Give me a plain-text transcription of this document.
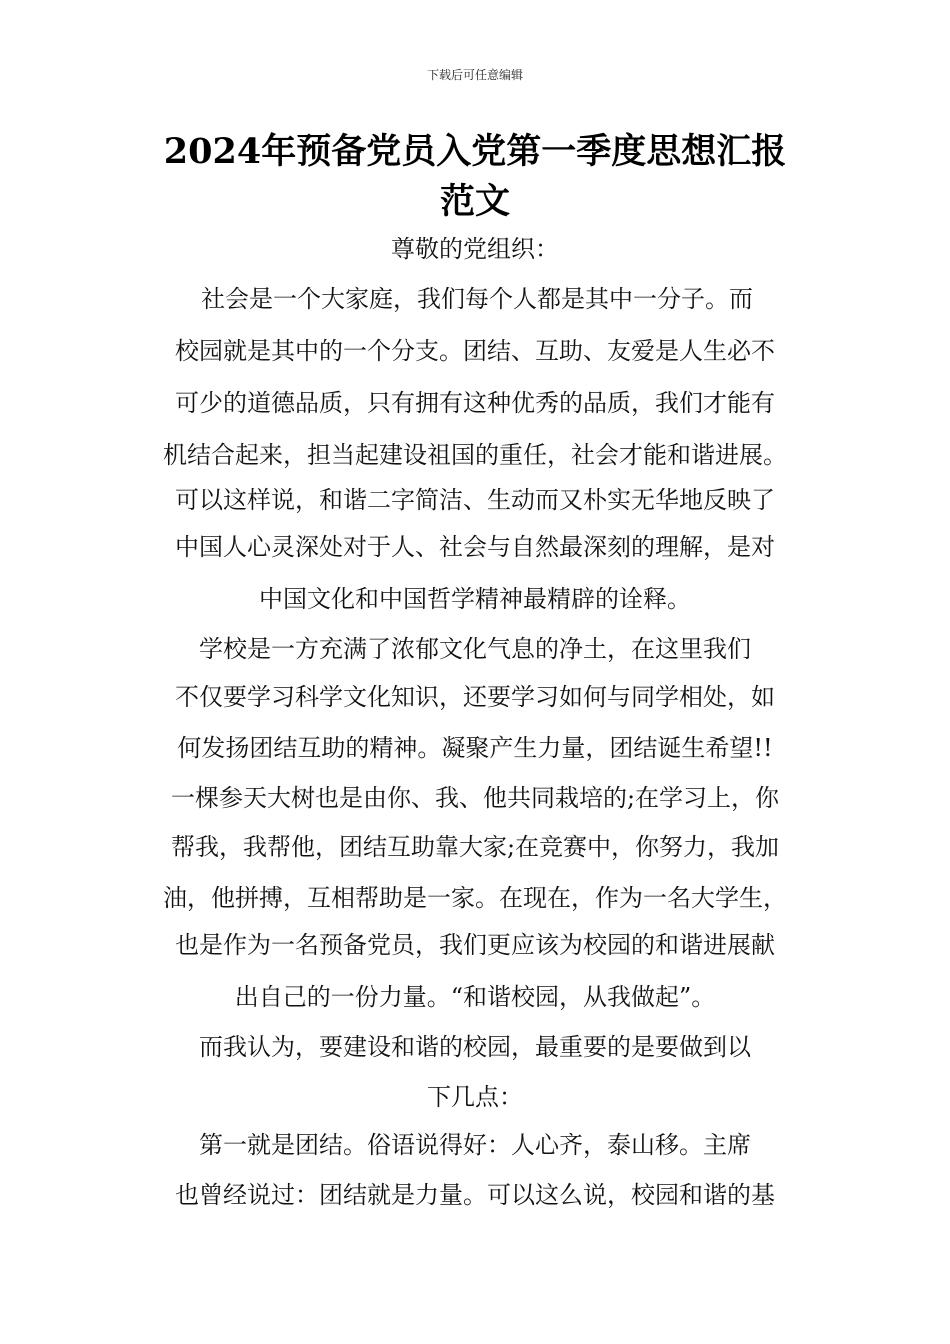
下载后可任意编辑
2024年预备党员入党第一季度思想汇报
范文
尊敬的党组织：
社会是一个大家庭，我们每个人都是其中一分子。而
校园就是其中的一个分支。团结、互助、友爱是人生必不
可少的道德品质，只有拥有这种优秀的品质，我们才能有
机结合起来，担当起建设祖国的重任，社会才能和谐进展。
可以这样说，和谐二字简洁、生动而又朴实无华地反映了
中国人心灵深处对于人、社会与自然最深刻的理解，是对
中国文化和中国哲学精神最精辟的诠释。
学校是一方充满了浓郁文化气息的净土，在这里我们
不仅要学习科学文化知识，还要学习如何与同学相处，如
何发扬团结互助的精神。凝聚产生力量，团结诞生希望!!
一棵参天大树也是由你、我、他共同栽培的;在学习上，你
帮我，我帮他，团结互助靠大家;在竞赛中，你努力，我加
油，他拼搏，互相帮助是一家。在现在，作为一名大学生，
也是作为一名预备党员，我们更应该为校园的和谐进展献
出自己的一份力量。“和谐校园，从我做起”。
而我认为，要建设和谐的校园，最重要的是要做到以
下几点：
第一就是团结。俗语说得好：人心齐，泰山移。主席
也曾经说过：团结就是力量。可以这么说，校园和谐的基
